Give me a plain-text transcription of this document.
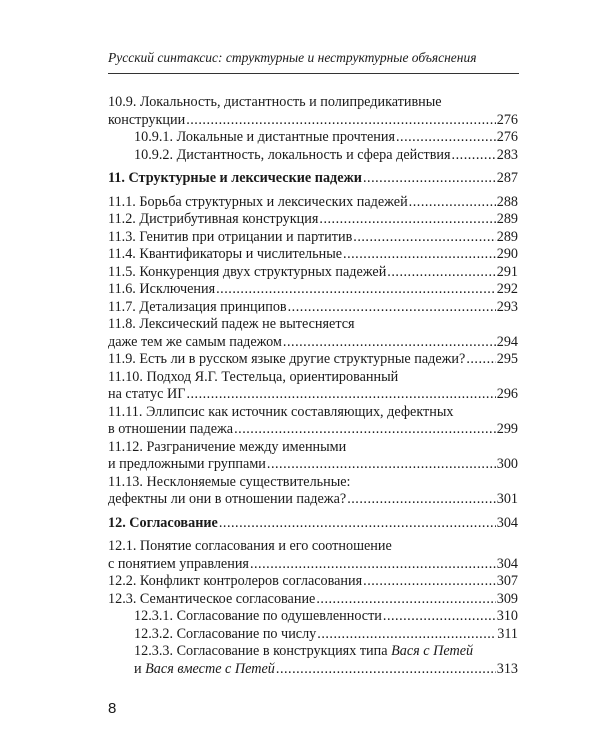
Русский синтаксис: структурные и неструктурные объяснения
10.9. Локальность, дистантность и полипредикативные
конструкции .....	276
10.9.1. Локальные и дистантные прочтения .....	276
10.9.2. Дистантность, локальность и сфера действия .....	283
11. Структурные и лексические падежи .....	287
11.1. Борьба структурных и лексических падежей .....	288
11.2. Дистрибутивная конструкция .....	289
11.3. Генитив при отрицании и партитив .....	289
11.4. Квантификаторы и числительные .....	290
11.5. Конкуренция двух структурных падежей .....	291
11.6. Исключения .....	292
11.7. Детализация принципов .....	293
11.8. Лексический падеж не вытесняется
даже тем же самым падежом .....	294
11.9. Есть ли в русском языке другие структурные падежи? ..... 295
11.10. Подход Я.Г. Тестельца, ориентированный
на статус ИГ .....	296
11.11. Эллипсис как источник составляющих, дефектных
в отношении падежа .....	299
11.12. Разграничение между именными
и предложными группами .....	300
11.13. Несклоняемые существительные:
дефектны ли они в отношении падежа? .....	301
12. Согласование .....	304
12.1. Понятие согласования и его соотношение
с понятием управления .....	304
12.2. Конфликт контролеров согласования .....	307
12.3. Семантическое согласование .....	309
12.3.1. Согласование по одушевленности .....	310
12.3.2. Согласование по числу .....	311
12.3.3. Согласование в конструкциях типа Вася с Петей
и Вася вместе с Петей .....	313
8
